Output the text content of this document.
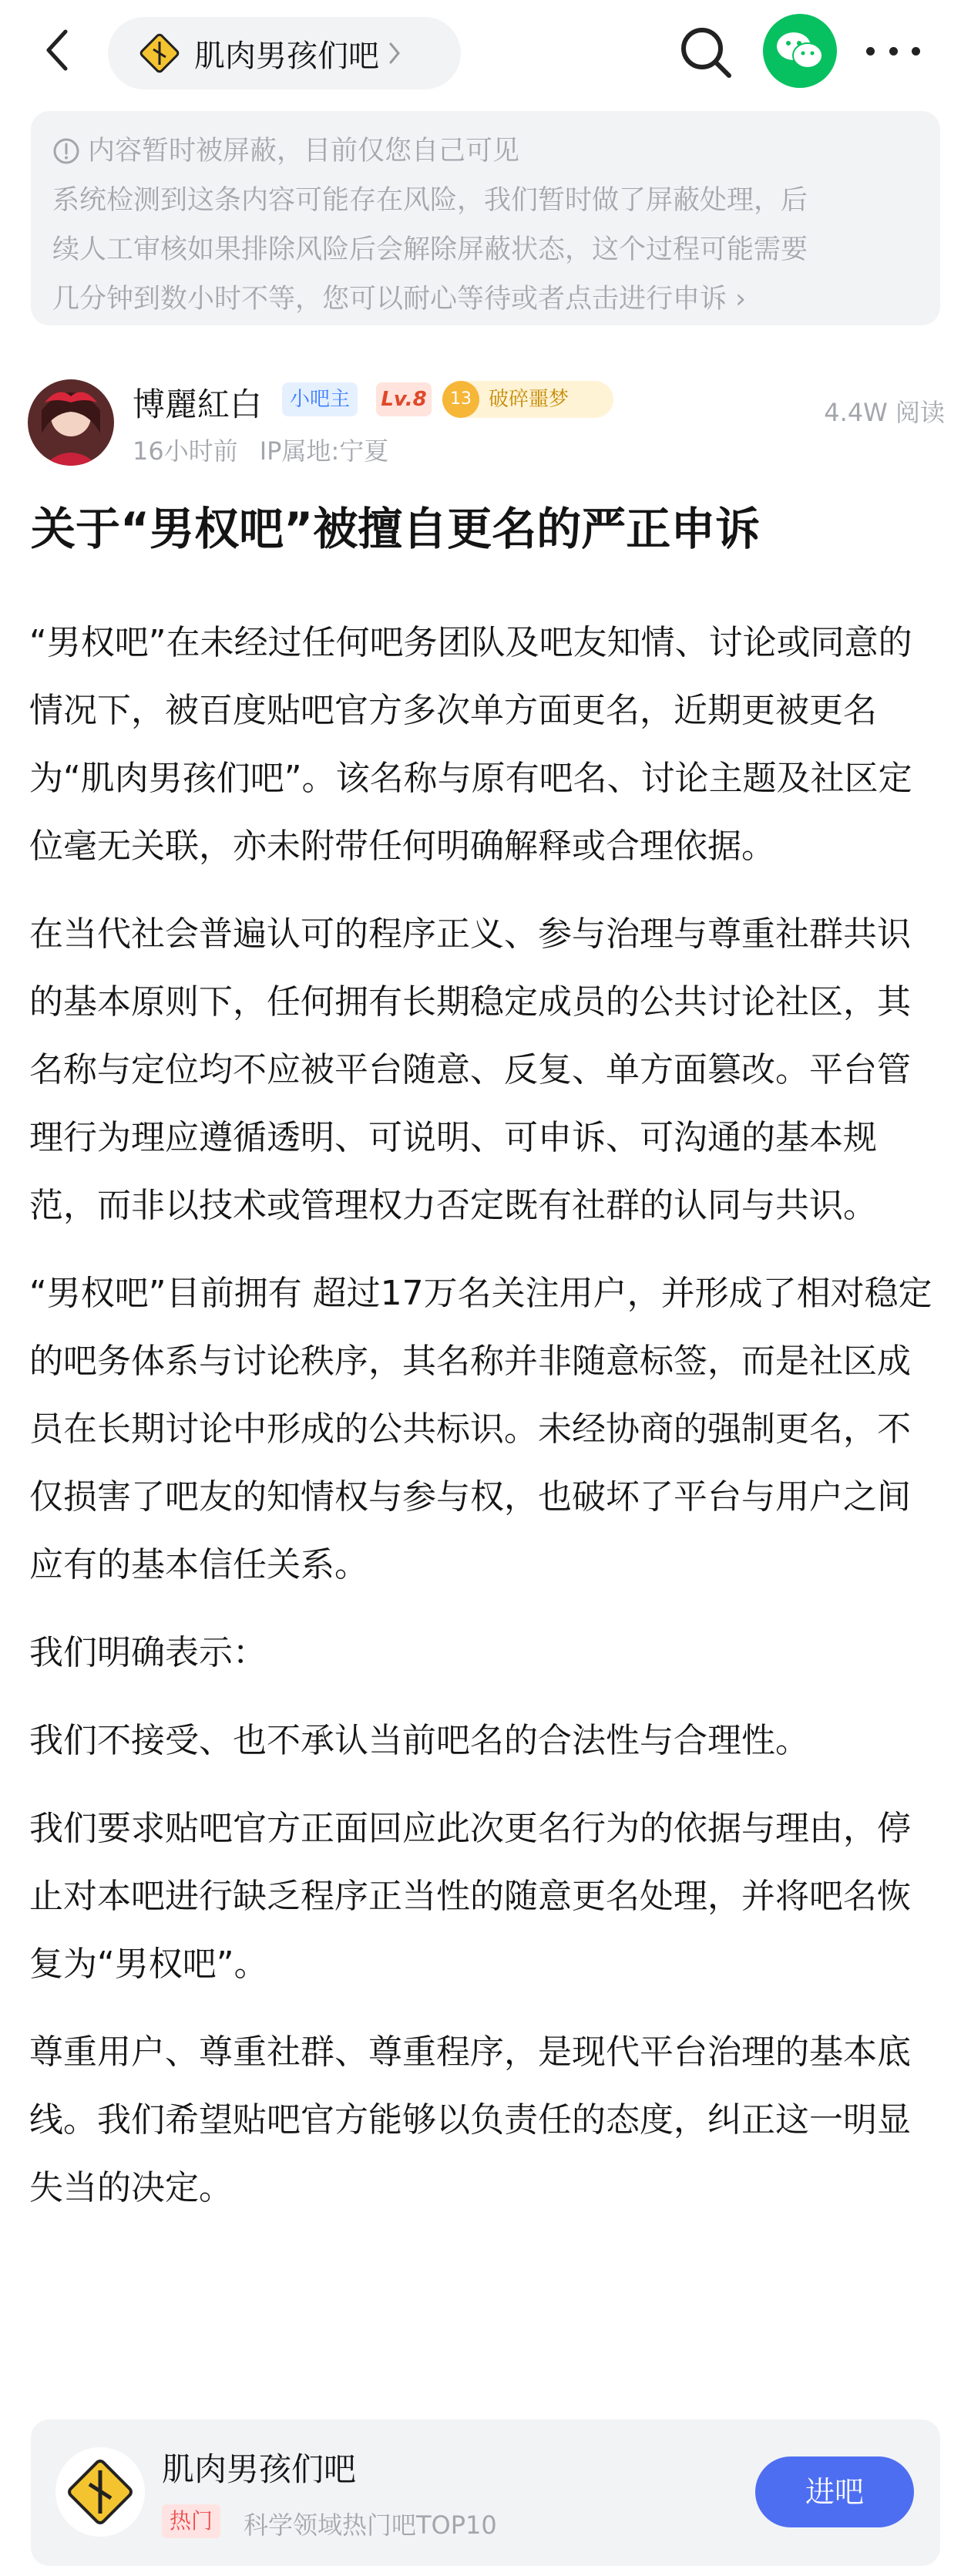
肌肉男孩们吧
内容暂时被屏蔽，目前仅您自己可见
系统检测到这条内容可能存在风险，我们暂时做了屏蔽处理，后
续人工审核如果排除风险后会解除屏蔽状态，这个过程可能需要
几分钟到数小时不等，您可以耐心等待或者点击进行申诉 ›
博麗紅白	小吧主	Lv.8	13 破碎噩梦
16小时前 IP属地:宁夏
4.4W 阅读
关于“男权吧”被擅自更名的严正申诉

“男权吧”在未经过任何吧务团队及吧友知情、讨论或同意的情况下，被百度贴吧官方多次单方面更名，近期更被更名为“肌肉男孩们吧”。该名称与原有吧名、讨论主题及社区定位毫无关联，亦未附带任何明确解释或合理依据。

在当代社会普遍认可的程序正义、参与治理与尊重社群共识的基本原则下，任何拥有长期稳定成员的公共讨论社区，其名称与定位均不应被平台随意、反复、单方面篡改。平台管理行为理应遵循透明、可说明、可申诉、可沟通的基本规范，而非以技术或管理权力否定既有社群的认同与共识。

“男权吧”目前拥有 超过17万名关注用户，并形成了相对稳定的吧务体系与讨论秩序，其名称并非随意标签，而是社区成员在长期讨论中形成的公共标识。未经协商的强制更名，不仅损害了吧友的知情权与参与权，也破坏了平台与用户之间应有的基本信任关系。

我们明确表示：

我们不接受、也不承认当前吧名的合法性与合理性。

我们要求贴吧官方正面回应此次更名行为的依据与理由，停止对本吧进行缺乏程序正当性的随意更名处理，并将吧名恢复为“男权吧”。

尊重用户、尊重社群、尊重程序，是现代平台治理的基本底线。我们希望贴吧官方能够以负责任的态度，纠正这一明显失当的决定。

肌肉男孩们吧
热门	科学领域热门吧TOP10
进吧
